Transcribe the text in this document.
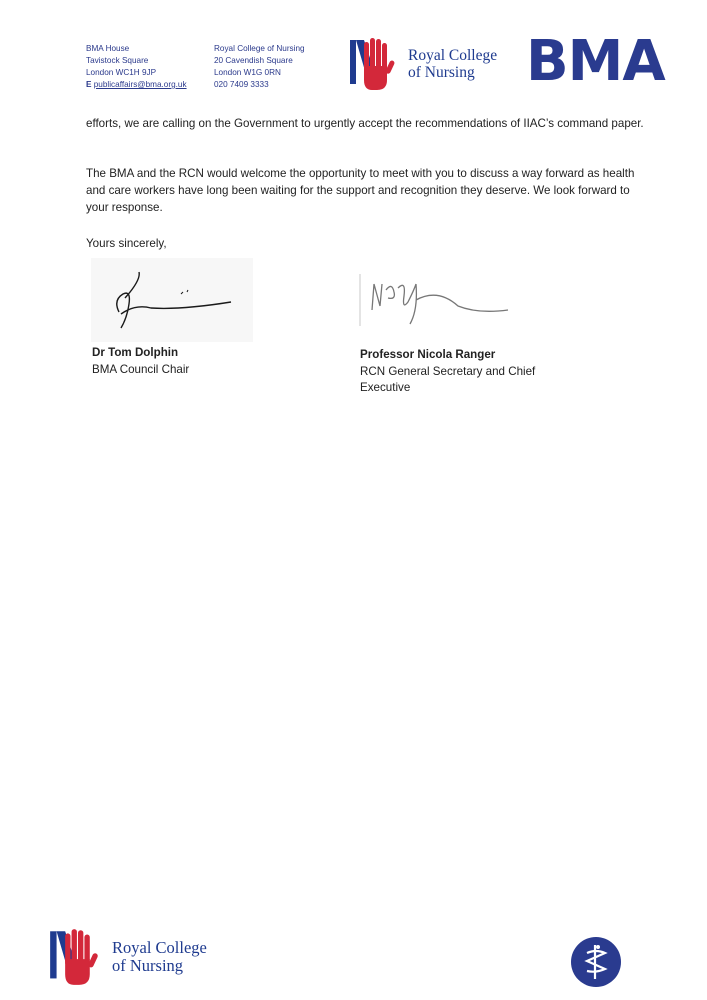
BMA House
Tavistock Square
London WC1H 9JP
E publicaffairs@bma.org.uk
Royal College of Nursing
20 Cavendish Square
London W1G 0RN
020 7409 3333
Royal College
of Nursing BMA
efforts, we are calling on the Government to urgently accept the recommendations of IIAC’s command paper.
The BMA and the RCN would welcome the opportunity to meet with you to discuss a way forward as health and care workers have long been waiting for the support and recognition they deserve. We look forward to your response.
Yours sincerely,
Dr Tom Dolphin
BMA Council Chair
Professor Nicola Ranger
RCN General Secretary and Chief Executive
Royal College
of Nursing
